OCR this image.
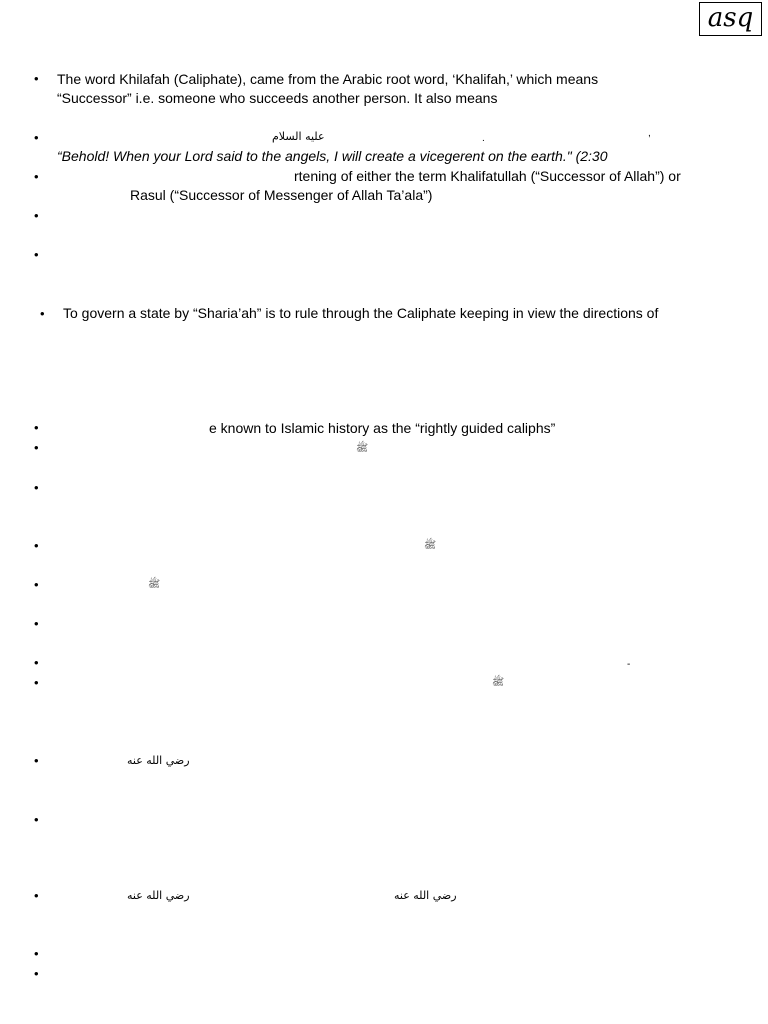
asq
• The word Khilafah (Caliphate), came from the Arabic root word, ‘Khalifah,’ which means
“Successor” i.e. someone who succeeds another person. It also means
•	عليه السلام	.	,
“Behold! When your Lord said to the angels, I will create a vicegerent on the earth." (2:30
•	rtening of either the term Khalifatullah (“Successor of Allah”) or
Rasul (“Successor of Messenger of Allah Ta’ala”)
•
•
• To govern a state by “Sharia’ah” is to rule through the Caliphate keeping in view the directions of
•	e known to Islamic history as the “rightly guided caliphs”
•	ﷺ
•
•	ﷺ
•	ﷺ
•
•	-
•	ﷺ
•	رضي الله عنه
•
•	رضي الله عنه	رضي الله عنه
•
•
